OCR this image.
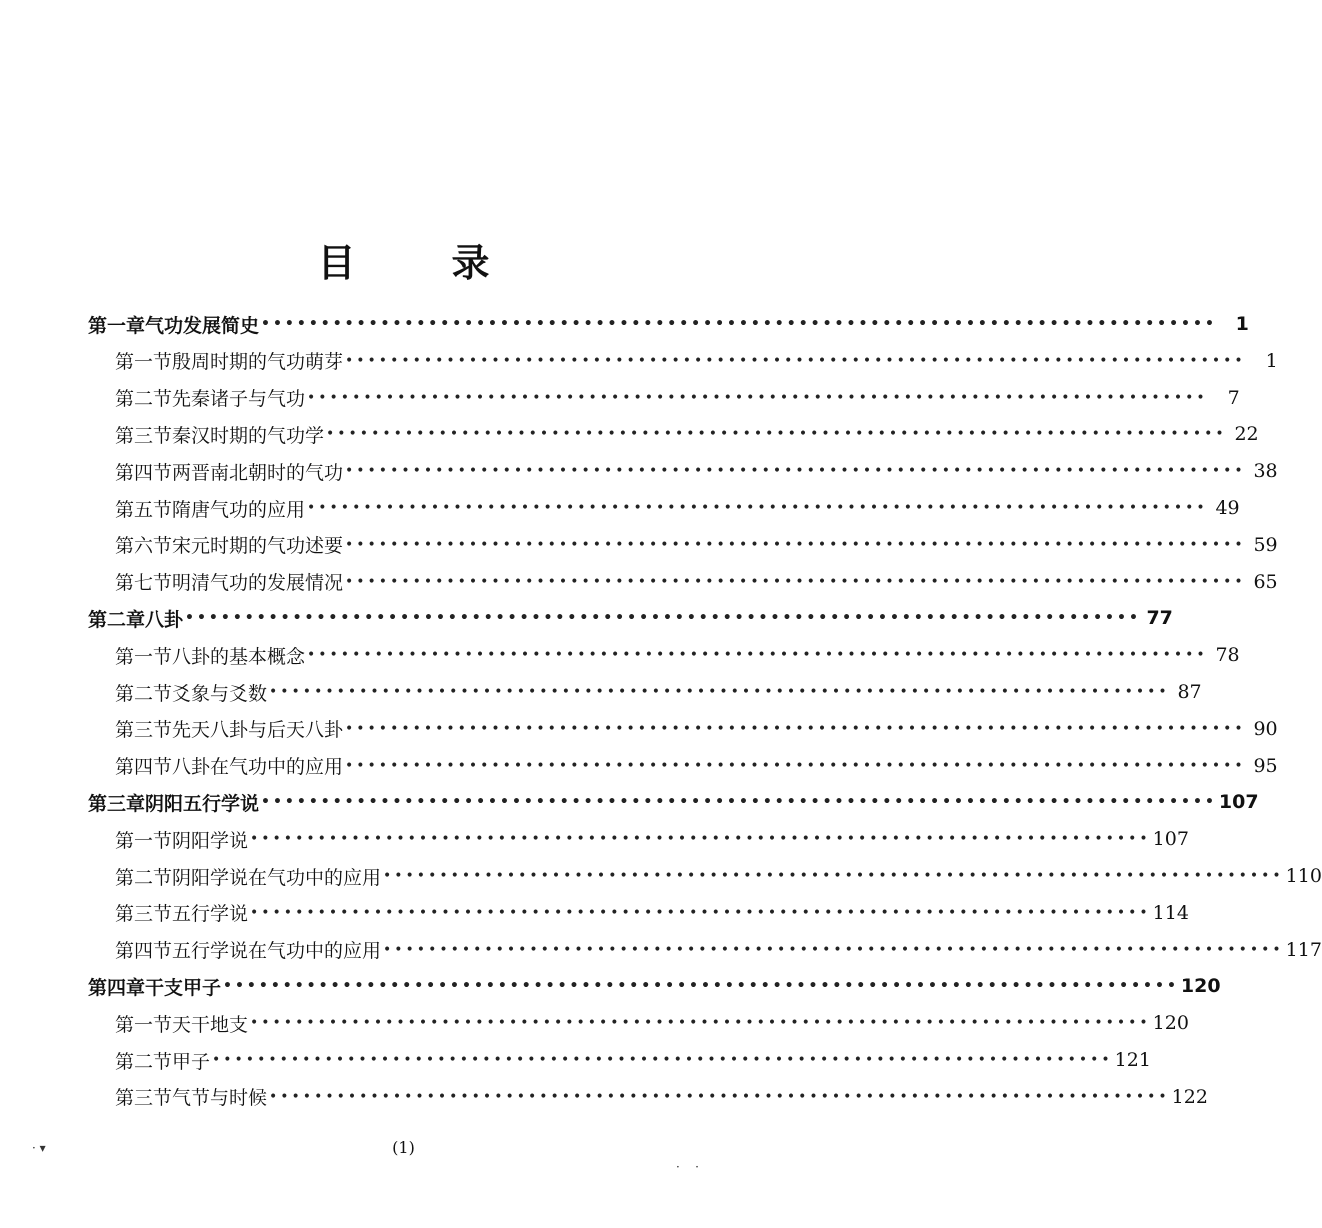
目	录
第一章 气功发展简史 •••••••••••••••••••••••••••••••••••••••••••••••••••••••••••••••••••••••••••••••• 1
第一节 殷周时期的气功萌芽 ••••••••••••••••••••••••••••••••••••••••••••••••••••••••••••••••••••••••••••••••	1
第二节 先秦诸子与气功 ••••••••••••••••••••••••••••••••••••••••••••••••••••••••••••••••••••••••••••••••	7
第三节 秦汉时期的气功学 •••••••••••••••••••••••••••••••••••••••••••••••••••••••••••••••••••••••••••••••• 22
第四节 两晋南北朝时的气功 •••••••••••••••••••••••••••••••••••••••••••••••••••••••••••••••••••••••••••••••• 38
第五节 隋唐气功的应用 •••••••••••••••••••••••••••••••••••••••••••••••••••••••••••••••••••••••••••••••• 49
第六节 宋元时期的气功述要 •••••••••••••••••••••••••••••••••••••••••••••••••••••••••••••••••••••••••••••••• 59
第七节 明清气功的发展情况 •••••••••••••••••••••••••••••••••••••••••••••••••••••••••••••••••••••••••••••••• 65
第二章 八卦 •••••••••••••••••••••••••••••••••••••••••••••••••••••••••••••••••••••••••••••••• 77
第一节 八卦的基本概念 •••••••••••••••••••••••••••••••••••••••••••••••••••••••••••••••••••••••••••••••• 78
第二节 爻象与爻数 •••••••••••••••••••••••••••••••••••••••••••••••••••••••••••••••••••••••••••••••• 87
第三节 先天八卦与后天八卦 •••••••••••••••••••••••••••••••••••••••••••••••••••••••••••••••••••••••••••••••• 90
第四节 八卦在气功中的应用 •••••••••••••••••••••••••••••••••••••••••••••••••••••••••••••••••••••••••••••••• 95
第三章 阴阳五行学说 •••••••••••••••••••••••••••••••••••••••••••••••••••••••••••••••••••••••••••••••• 107
第一节 阴阳学说 •••••••••••••••••••••••••••••••••••••••••••••••••••••••••••••••••••••••••••••••• 107
第二节 阴阳学说在气功中的应用 •••••••••••••••••••••••••••••••••••••••••••••••••••••••••••••••••••••••••••••••• 110
第三节 五行学说 •••••••••••••••••••••••••••••••••••••••••••••••••••••••••••••••••••••••••••••••• 114
第四节 五行学说在气功中的应用 •••••••••••••••••••••••••••••••••••••••••••••••••••••••••••••••••••••••••••••••• 117
第四章 干支甲子 •••••••••••••••••••••••••••••••••••••••••••••••••••••••••••••••••••••••••••••••• 120
第一节 天干地支 •••••••••••••••••••••••••••••••••••••••••••••••••••••••••••••••••••••••••••••••• 120
第二节 甲子 •••••••••••••••••••••••••••••••••••••••••••••••••••••••••••••••••••••••••••••••• 121
第三节 气节与时候 •••••••••••••••••••••••••••••••••••••••••••••••••••••••••••••••••••••••••••••••• 122
· ▾	(1)
·    ·
